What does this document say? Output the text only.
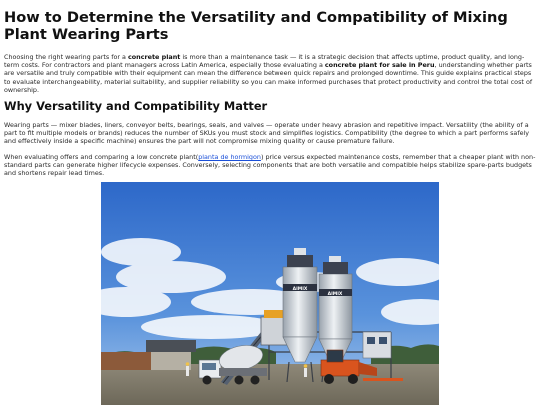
How to Determine the Versatility and Compatibility of Mixing Plant Wearing Parts

Choosing the right wearing parts for a concrete plant is more than a maintenance task — it is a strategic decision that affects uptime, product quality, and long-term costs. For contractors and plant managers across Latin America, especially those evaluating a concrete plant for sale in Peru, understanding whether parts are versatile and truly compatible with their equipment can mean the difference between quick repairs and prolonged downtime. This guide explains practical steps to evaluate interchangeability, material suitability, and supplier reliability so you can make informed purchases that protect productivity and control the total cost of ownership.

Why Versatility and Compatibility Matter

Wearing parts — mixer blades, liners, conveyor belts, bearings, seals, and valves — operate under heavy abrasion and repetitive impact. Versatility (the ability of a part to fit multiple models or brands) reduces the number of SKUs you must stock and simplifies logistics. Compatibility (the degree to which a part performs safely and effectively inside a specific machine) ensures the part will not compromise mixing quality or cause premature failure.

When evaluating offers and comparing a low concrete plant(planta de hormigon) price versus expected maintenance costs, remember that a cheaper plant with non-standard parts can generate higher lifecycle expenses. Conversely, selecting components that are both versatile and compatible helps stabilize spare-parts budgets and shortens repair lead times.

AIMIX
AIMIX
